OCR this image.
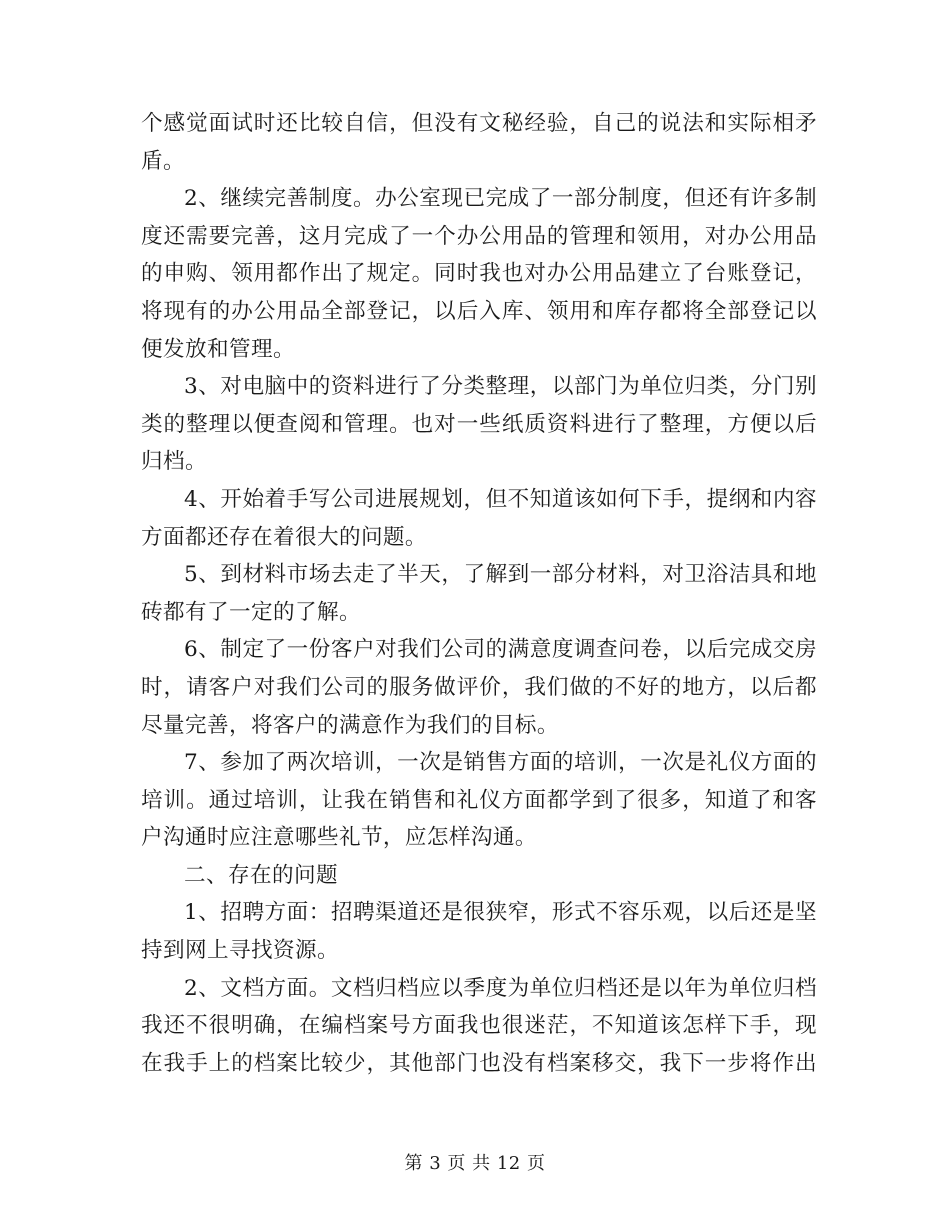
个感觉面试时还比较自信，但没有文秘经验，自己的说法和实际相矛
盾。
2、继续完善制度。办公室现已完成了一部分制度，但还有许多制
度还需要完善，这月完成了一个办公用品的管理和领用，对办公用品
的申购、领用都作出了规定。同时我也对办公用品建立了台账登记，
将现有的办公用品全部登记，以后入库、领用和库存都将全部登记以
便发放和管理。
3、对电脑中的资料进行了分类整理，以部门为单位归类，分门别
类的整理以便查阅和管理。也对一些纸质资料进行了整理，方便以后
归档。
4、开始着手写公司进展规划，但不知道该如何下手，提纲和内容
方面都还存在着很大的问题。
5、到材料市场去走了半天，了解到一部分材料，对卫浴洁具和地
砖都有了一定的了解。
6、制定了一份客户对我们公司的满意度调查问卷，以后完成交房
时，请客户对我们公司的服务做评价，我们做的不好的地方，以后都
尽量完善，将客户的满意作为我们的目标。
7、参加了两次培训，一次是销售方面的培训，一次是礼仪方面的
培训。通过培训，让我在销售和礼仪方面都学到了很多，知道了和客
户沟通时应注意哪些礼节，应怎样沟通。
二、存在的问题
1、招聘方面：招聘渠道还是很狭窄，形式不容乐观，以后还是坚
持到网上寻找资源。
2、文档方面。文档归档应以季度为单位归档还是以年为单位归档
我还不很明确，在编档案号方面我也很迷茫，不知道该怎样下手，现
在我手上的档案比较少，其他部门也没有档案移交，我下一步将作出
第 3 页 共 12 页
